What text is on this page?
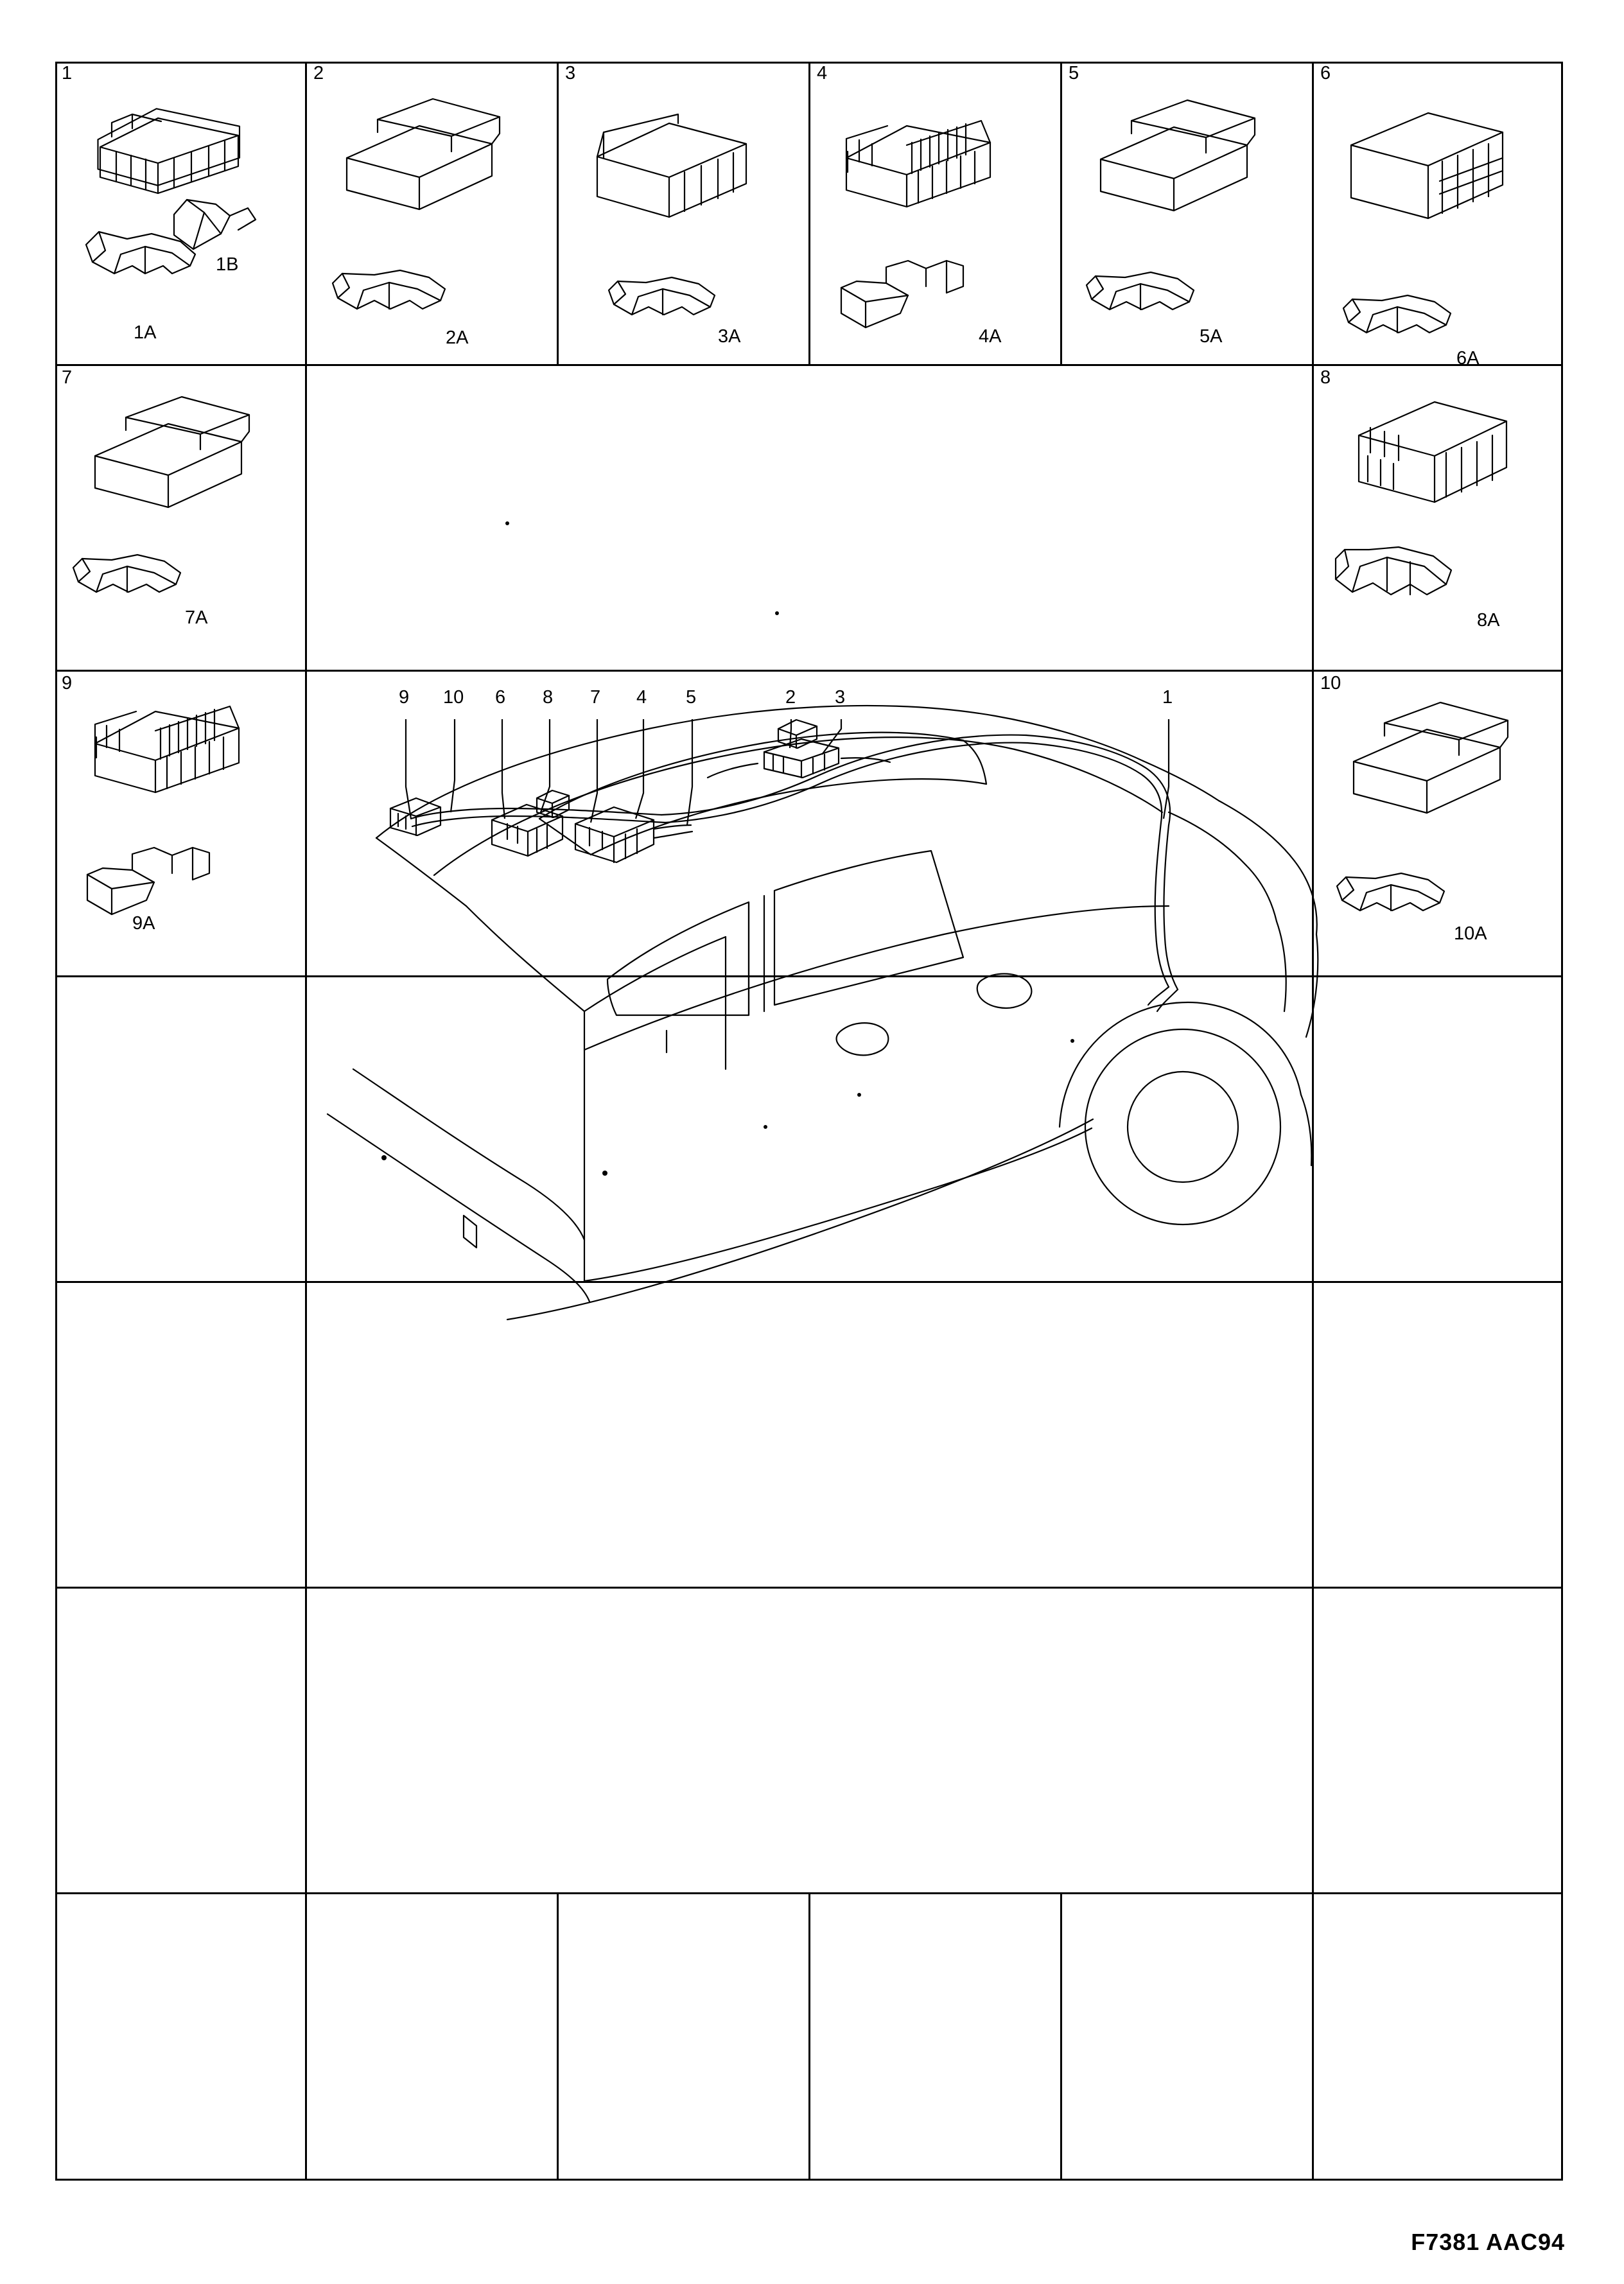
1
1B
1A
2
2A
3
3A
4
4A
5
5A
6
6A
7
7A
8
8A
9
9A
10
10A
9 10 6 8 7 4 5	2 3	1
F7381 AAC94
